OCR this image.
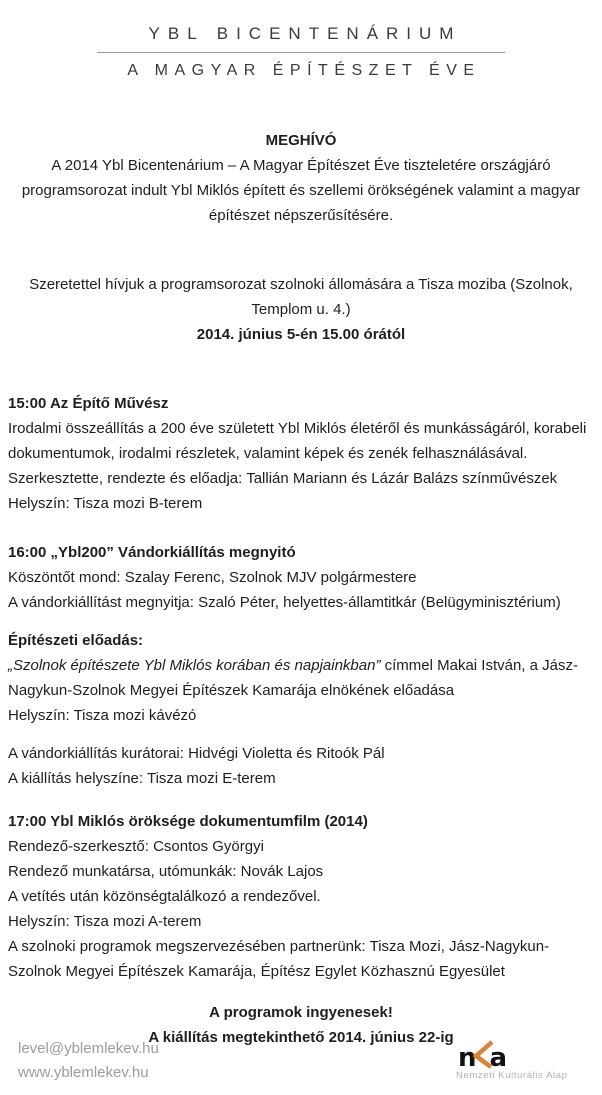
YBL BICENTENÁRIUM
A MAGYAR ÉPÍTÉSZET ÉVE

MEGHÍVÓ

A 2014 Ybl Bicentenárium – A Magyar Építészet Éve tiszteletére országjáró programsorozat indult Ybl Miklós épített és szellemi örökségének valamint a magyar építészet népszerűsítésére.

Szeretettel hívjuk a programsorozat szolnoki állomására a Tisza moziba (Szolnok, Templom u. 4.)

2014. június 5-én 15.00 órától

15:00 Az Építő Művész

Irodalmi összeállítás a 200 éve született Ybl Miklós életéről és munkásságáról, korabeli dokumentumok, irodalmi részletek, valamint képek és zenék felhasználásával.

Szerkesztette, rendezte és előadja: Tallián Mariann és Lázár Balázs színművészek

Helyszín: Tisza mozi B-terem

16:00 „Ybl200” Vándorkiállítás megnyitó

Köszöntőt mond: Szalay Ferenc, Szolnok MJV polgármestere

A vándorkiállítást megnyitja: Szaló Péter, helyettes-államtitkár (Belügyminisztérium)

Építészeti előadás:

„Szolnok építészete Ybl Miklós korában és napjainkban” címmel Makai István, a Jász-Nagykun-Szolnok Megyei Építészek Kamarája elnökének előadása

Helyszín: Tisza mozi kávézó

A vándorkiállítás kurátorai: Hidvégi Violetta és Ritoók Pál

A kiállítás helyszíne: Tisza mozi E-terem

17:00 Ybl Miklós öröksége dokumentumfilm (2014)

Rendező-szerkesztő: Csontos Györgyi

Rendező munkatársa, utómunkák: Novák Lajos

A vetítés után közönségtalálkozó a rendezővel.

Helyszín: Tisza mozi A-terem

A szolnoki programok megszervezésében partnerünk: Tisza Mozi, Jász-Nagykun-Szolnok Megyei Építészek Kamarája, Építész Egylet Közhasznú Egyesület

A programok ingyenesek!

A kiállítás megtekinthető 2014. június 22-ig

level@yblemlekev.hu
www.yblemlekev.hu	n a
Nemzeti Kulturális Alap
